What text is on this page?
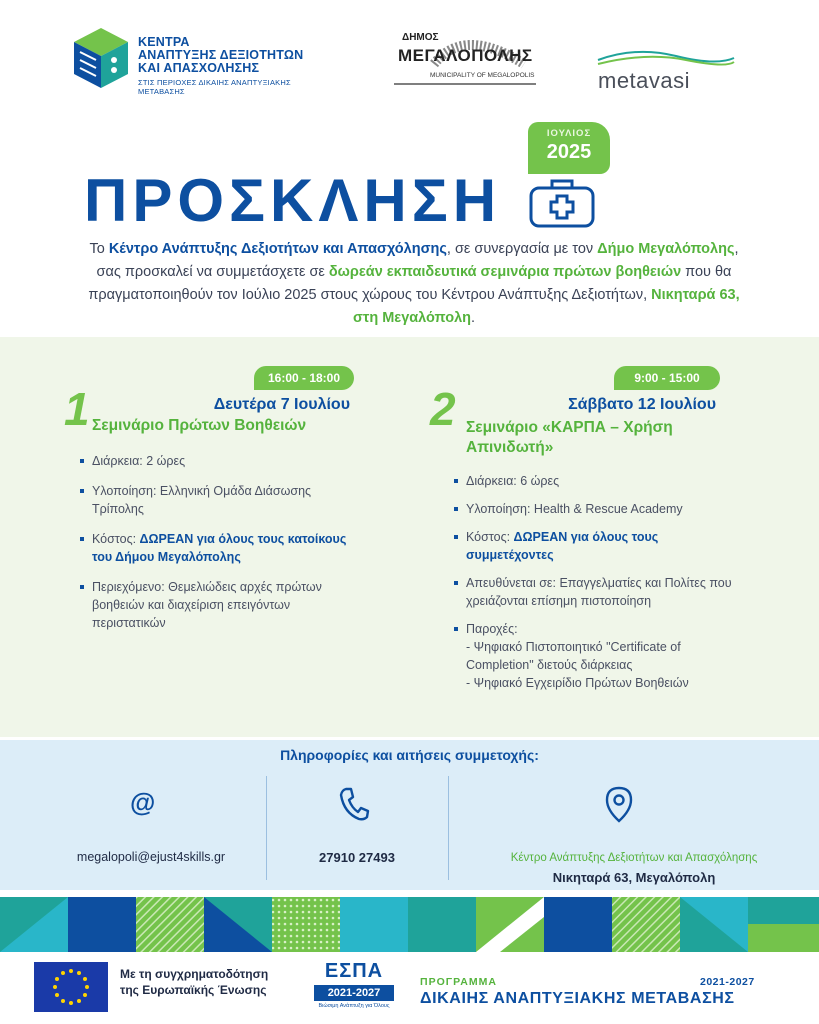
ΚΕΝΤΡΑ
ΑΝΑΠΤΥΞΗΣ ΔΕΞΙΟΤΗΤΩΝ
ΚΑΙ ΑΠΑΣΧΟΛΗΣΗΣ
ΣΤΙΣ ΠΕΡΙΟΧΕΣ ΔΙΚΑΙΗΣ ΑΝΑΠΤΥΞΙΑΚΗΣ ΜΕΤΑΒΑΣΗΣ
ΔΗΜΟΣ
ΜΕΓΑΛΟΠΟΛΗΣ
MUNICIPALITY OF MEGALOPOLIS	metavasi
ΙΟΥΛΙΟΣ
2025
ΠΡΟΣΚΛΗΣΗ
Το Κέντρο Ανάπτυξης Δεξιοτήτων και Απασχόλησης, σε συνεργασία με τον Δήμο Μεγαλόπολης, σας προσκαλεί να συμμετάσχετε σε δωρεάν εκπαιδευτικά σεμινάρια πρώτων βοηθειών που θα πραγματοποιηθούν τον Ιούλιο 2025 στους χώρους του Κέντρου Ανάπτυξης Δεξιοτήτων, Νικηταρά 63, στη Μεγαλόπολη.
16:00 - 18:00
1	Δευτέρα 7 Ιουλίου
Σεμινάριο Πρώτων Βοηθειών
Διάρκεια: 2 ώρες
Υλοποίηση: Ελληνική Ομάδα Διάσωσης Τρίπολης
Κόστος: ΔΩΡΕΑΝ για όλους τους κατοίκους του Δήμου Μεγαλόπολης
Περιεχόμενο: Θεμελιώδεις αρχές πρώτων βοηθειών και διαχείριση επειγόντων περιστατικών
9:00 - 15:00
2	Σάββατο 12 Ιουλίου
Σεμινάριο «ΚΑΡΠΑ – Χρήση Απινιδωτή»
Διάρκεια: 6 ώρες
Υλοποίηση: Health & Rescue Academy
Κόστος: ΔΩΡΕΑΝ για όλους τους συμμετέχοντες
Απευθύνεται σε: Επαγγελματίες και Πολίτες που χρειάζονται επίσημη πιστοποίηση
Παροχές:
- Ψηφιακό Πιστοποιητικό "Certificate of Completion" διετούς διάρκειας
- Ψηφιακό Εγχειρίδιο Πρώτων Βοηθειών
Πληροφορίες και αιτήσεις συμμετοχής:
@
megalopoli@ejust4skills.gr	27910 27493	Κέντρο Ανάπτυξης Δεξιοτήτων και Απασχόλησης
Νικηταρά 63, Μεγαλόπολη
Με τη συγχρηματοδότηση
της Ευρωπαϊκής Ένωσης
ΕΣΠΑ
2021-2027
Βιώσιμη Ανάπτυξη για Όλους
ΠΡΟΓΡΑΜΜΑ	2021-2027
ΔΙΚΑΙΗΣ ΑΝΑΠΤΥΞΙΑΚΗΣ ΜΕΤΑΒΑΣΗΣ
